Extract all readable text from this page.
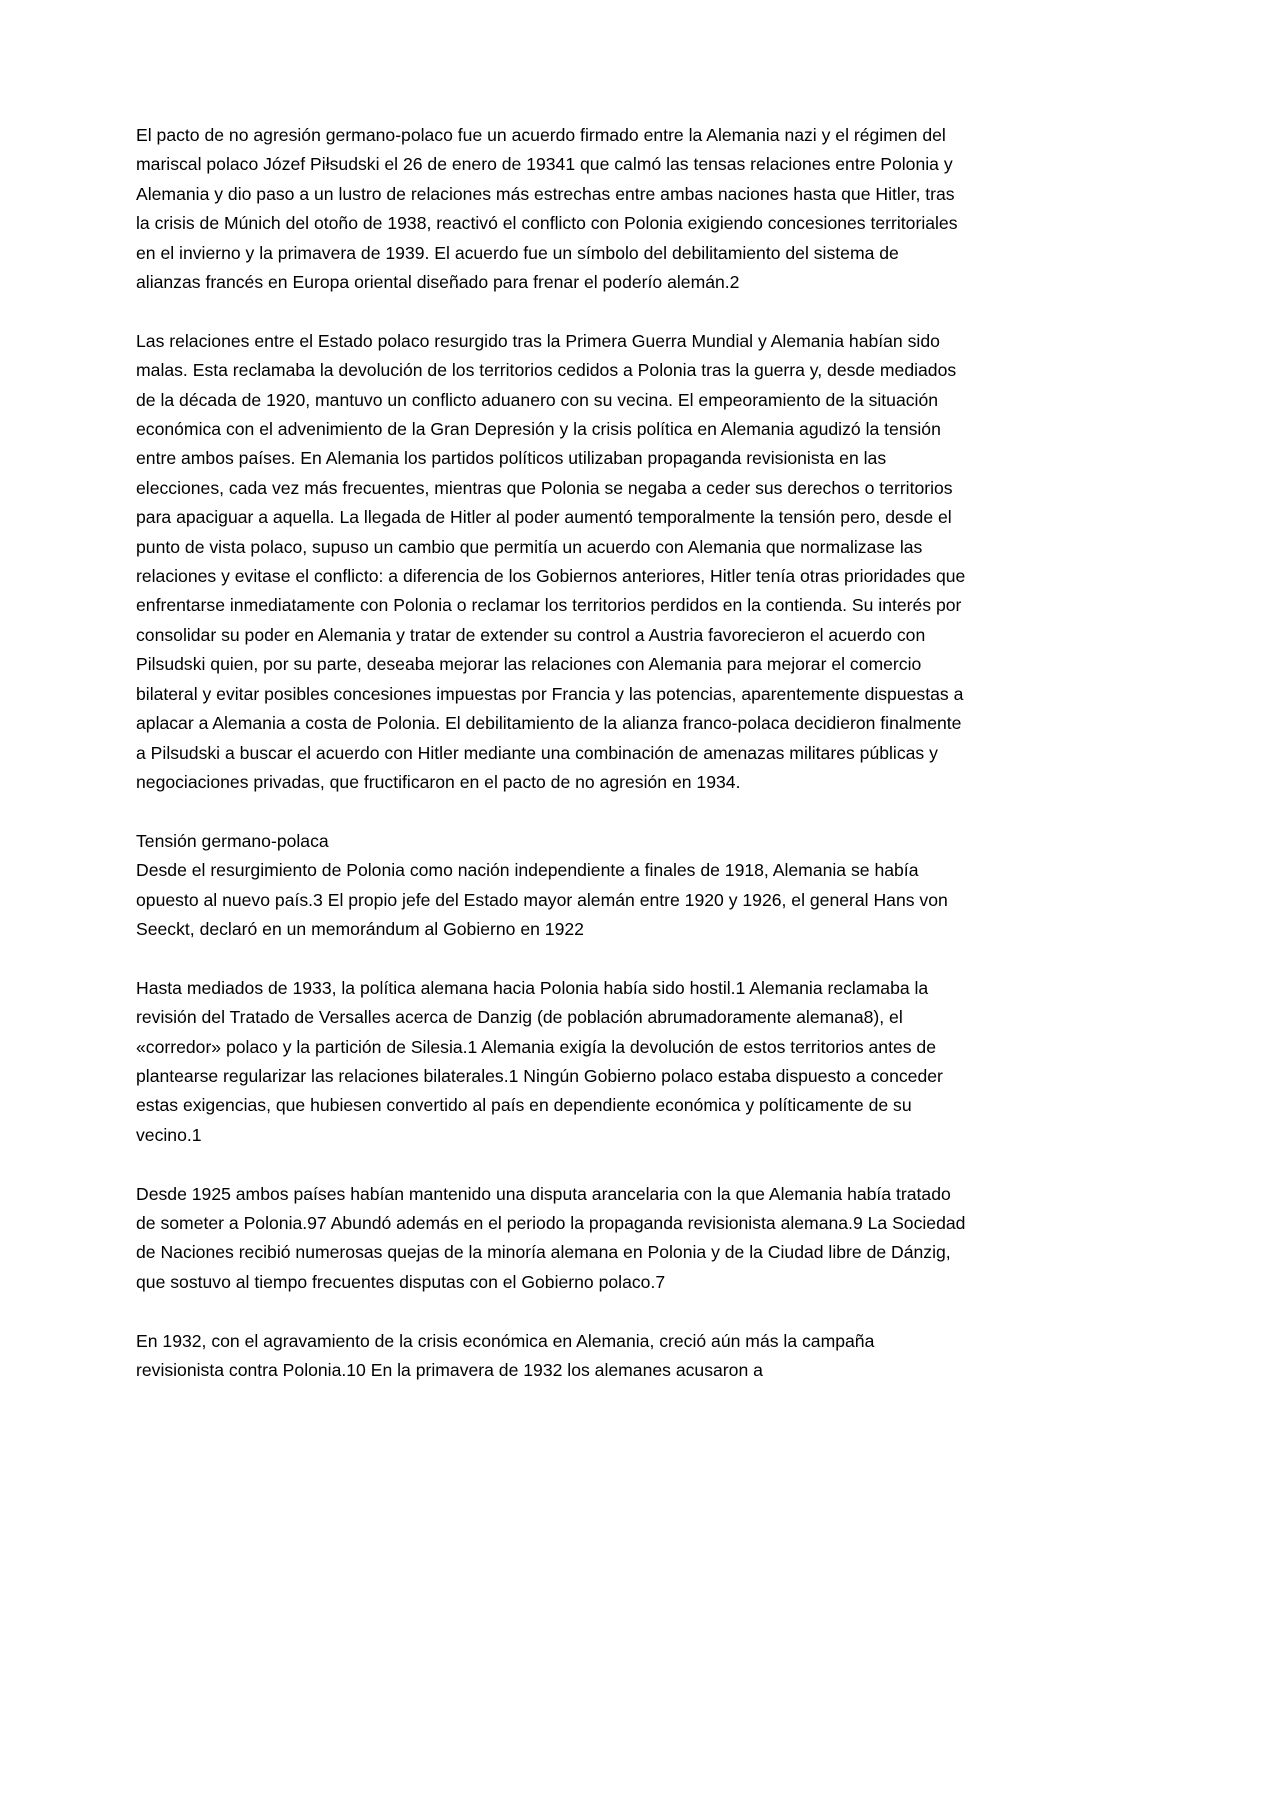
El pacto de no agresión germano-polaco fue un acuerdo firmado entre la Alemania nazi y el régimen del mariscal polaco Józef Piłsudski el 26 de enero de 19341 que calmó las tensas relaciones entre Polonia y Alemania y dio paso a un lustro de relaciones más estrechas entre ambas naciones hasta que Hitler, tras la crisis de Múnich del otoño de 1938, reactivó el conflicto con Polonia exigiendo concesiones territoriales en el invierno y la primavera de 1939. El acuerdo fue un símbolo del debilitamiento del sistema de alianzas francés en Europa oriental diseñado para frenar el poderío alemán.2

Las relaciones entre el Estado polaco resurgido tras la Primera Guerra Mundial y Alemania habían sido malas. Esta reclamaba la devolución de los territorios cedidos a Polonia tras la guerra y, desde mediados de la década de 1920, mantuvo un conflicto aduanero con su vecina. El empeoramiento de la situación económica con el advenimiento de la Gran Depresión y la crisis política en Alemania agudizó la tensión entre ambos países. En Alemania los partidos políticos utilizaban propaganda revisionista en las elecciones, cada vez más frecuentes, mientras que Polonia se negaba a ceder sus derechos o territorios para apaciguar a aquella. La llegada de Hitler al poder aumentó temporalmente la tensión pero, desde el punto de vista polaco, supuso un cambio que permitía un acuerdo con Alemania que normalizase las relaciones y evitase el conflicto: a diferencia de los Gobiernos anteriores, Hitler tenía otras prioridades que enfrentarse inmediatamente con Polonia o reclamar los territorios perdidos en la contienda. Su interés por consolidar su poder en Alemania y tratar de extender su control a Austria favorecieron el acuerdo con Pilsudski quien, por su parte, deseaba mejorar las relaciones con Alemania para mejorar el comercio bilateral y evitar posibles concesiones impuestas por Francia y las potencias, aparentemente dispuestas a aplacar a Alemania a costa de Polonia. El debilitamiento de la alianza franco-polaca decidieron finalmente a Pilsudski a buscar el acuerdo con Hitler mediante una combinación de amenazas militares públicas y negociaciones privadas, que fructificaron en el pacto de no agresión en 1934.

Tensión germano-polaca

Desde el resurgimiento de Polonia como nación independiente a finales de 1918, Alemania se había opuesto al nuevo país.3 El propio jefe del Estado mayor alemán entre 1920 y 1926, el general Hans von Seeckt, declaró en un memorándum al Gobierno en 1922

Hasta mediados de 1933, la política alemana hacia Polonia había sido hostil.1 Alemania reclamaba la revisión del Tratado de Versalles acerca de Danzig (de población abrumadoramente alemana8), el «corredor» polaco y la partición de Silesia.1 Alemania exigía la devolución de estos territorios antes de plantearse regularizar las relaciones bilaterales.1 Ningún Gobierno polaco estaba dispuesto a conceder estas exigencias, que hubiesen convertido al país en dependiente económica y políticamente de su vecino.1

Desde 1925 ambos países habían mantenido una disputa arancelaria con la que Alemania había tratado de someter a Polonia.97 Abundó además en el periodo la propaganda revisionista alemana.9 La Sociedad de Naciones recibió numerosas quejas de la minoría alemana en Polonia y de la Ciudad libre de Dánzig, que sostuvo al tiempo frecuentes disputas con el Gobierno polaco.7

En 1932, con el agravamiento de la crisis económica en Alemania, creció aún más la campaña revisionista contra Polonia.10 En la primavera de 1932 los alemanes acusaron a
